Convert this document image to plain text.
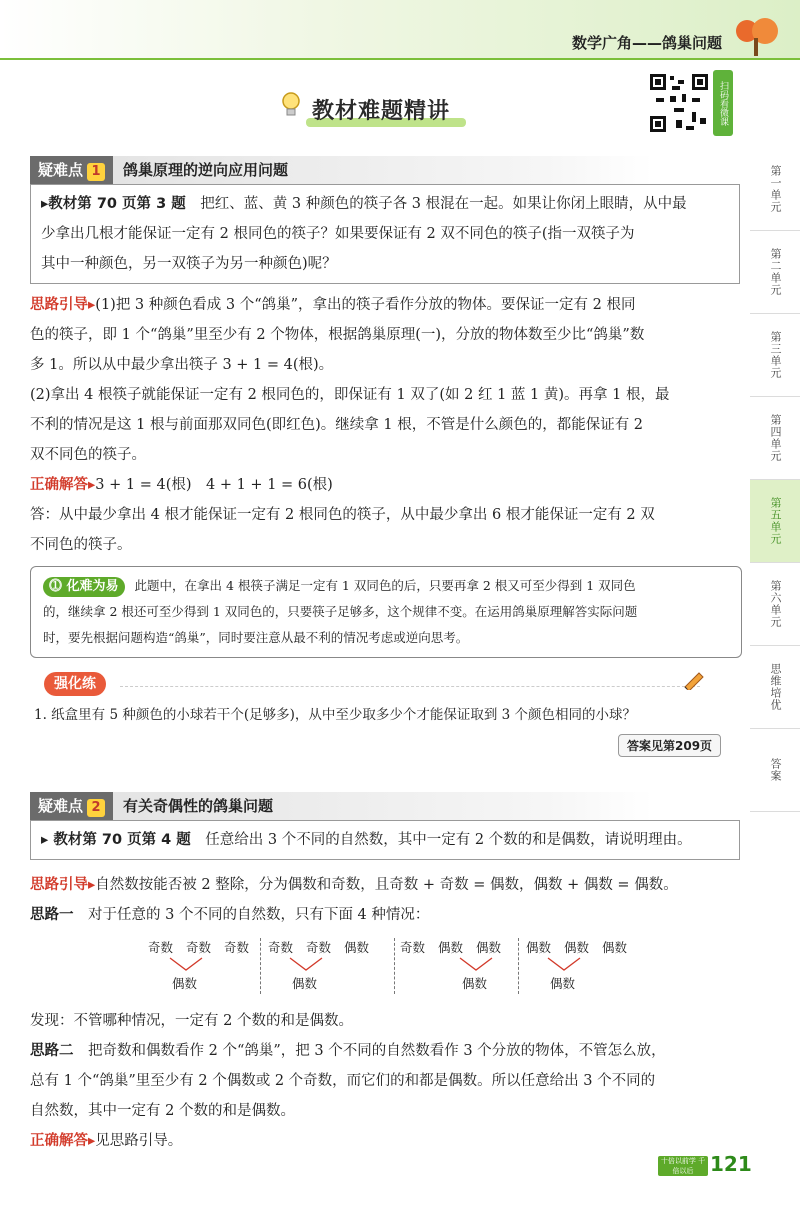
数学广角——鸽巢问题
教材难题精讲	扫码看微课
第一单元
第二单元
第三单元
第四单元
第五单元
第六单元
思维培优
答案
疑难点 1	鸽巢原理的逆向应用问题
▸教材第 70 页第 3 题　 把红、蓝、黄 3 种颜色的筷子各 3 根混在一起。如果让你闭上眼睛，从中最
少拿出几根才能保证一定有 2 根同色的筷子？如果要保证有 2 双不同色的筷子(指一双筷子为
其中一种颜色，另一双筷子为另一种颜色)呢？
思路引导▸(1)把 3 种颜色看成 3 个“鸽巢”，拿出的筷子看作分放的物体。要保证一定有 2 根同
色的筷子，即 1 个“鸽巢”里至少有 2 个物体，根据鸽巢原理(一)，分放的物体数至少比“鸽巢”数
多 1。所以从中最少拿出筷子 3 + 1 = 4(根)。
(2)拿出 4 根筷子就能保证一定有 2 根同色的，即保证有 1 双了(如 2 红 1 蓝 1 黄)。再拿 1 根，最
不利的情况是这 1 根与前面那双同色(即红色)。继续拿 1 根，不管是什么颜色的，都能保证有 2
双不同色的筷子。
正确解答▸3 + 1 = 4(根)　4 + 1 + 1 = 6(根)
答：从中最少拿出 4 根才能保证一定有 2 根同色的筷子，从中最少拿出 6 根才能保证一定有 2 双
不同色的筷子。
⓵ 化难为易 此题中，在拿出 4 根筷子满足一定有 1 双同色的后，只要再拿 2 根又可至少得到 1 双同色
的，继续拿 2 根还可至少得到 1 双同色的，只要筷子足够多，这个规律不变。在运用鸽巢原理解答实际问题
时，要先根据问题构造“鸽巢”，同时要注意从最不利的情况考虑或逆向思考。
强化练
1. 纸盒里有 5 种颜色的小球若干个(足够多)，从中至少取多少个才能保证取到 3 个颜色相同的小球？
答案见第209页
疑难点 2	有关奇偶性的鸽巢问题
▸ 教材第 70 页第 4 题　 任意给出 3 个不同的自然数，其中一定有 2 个数的和是偶数，请说明理由。
思路引导▸自然数按能否被 2 整除，分为偶数和奇数，且奇数 + 奇数 = 偶数，偶数 + 偶数 = 偶数。
思路一　 对于任意的 3 个不同的自然数，只有下面 4 种情况：
奇数 奇数 奇数
偶数
奇数 奇数 偶数
偶数
奇数 偶数 偶数
偶数
偶数 偶数 偶数
偶数
发现：不管哪种情况，一定有 2 个数的和是偶数。
思路二　 把奇数和偶数看作 2 个“鸽巢”，把 3 个不同的自然数看作 3 个分放的物体，不管怎么放，
总有 1 个“鸽巢”里至少有 2 个偶数或 2 个奇数，而它们的和都是偶数。所以任意给出 3 个不同的
自然数，其中一定有 2 个数的和是偶数。
正确解答▸见思路引导。
十倍以前学 千倍以后 121
